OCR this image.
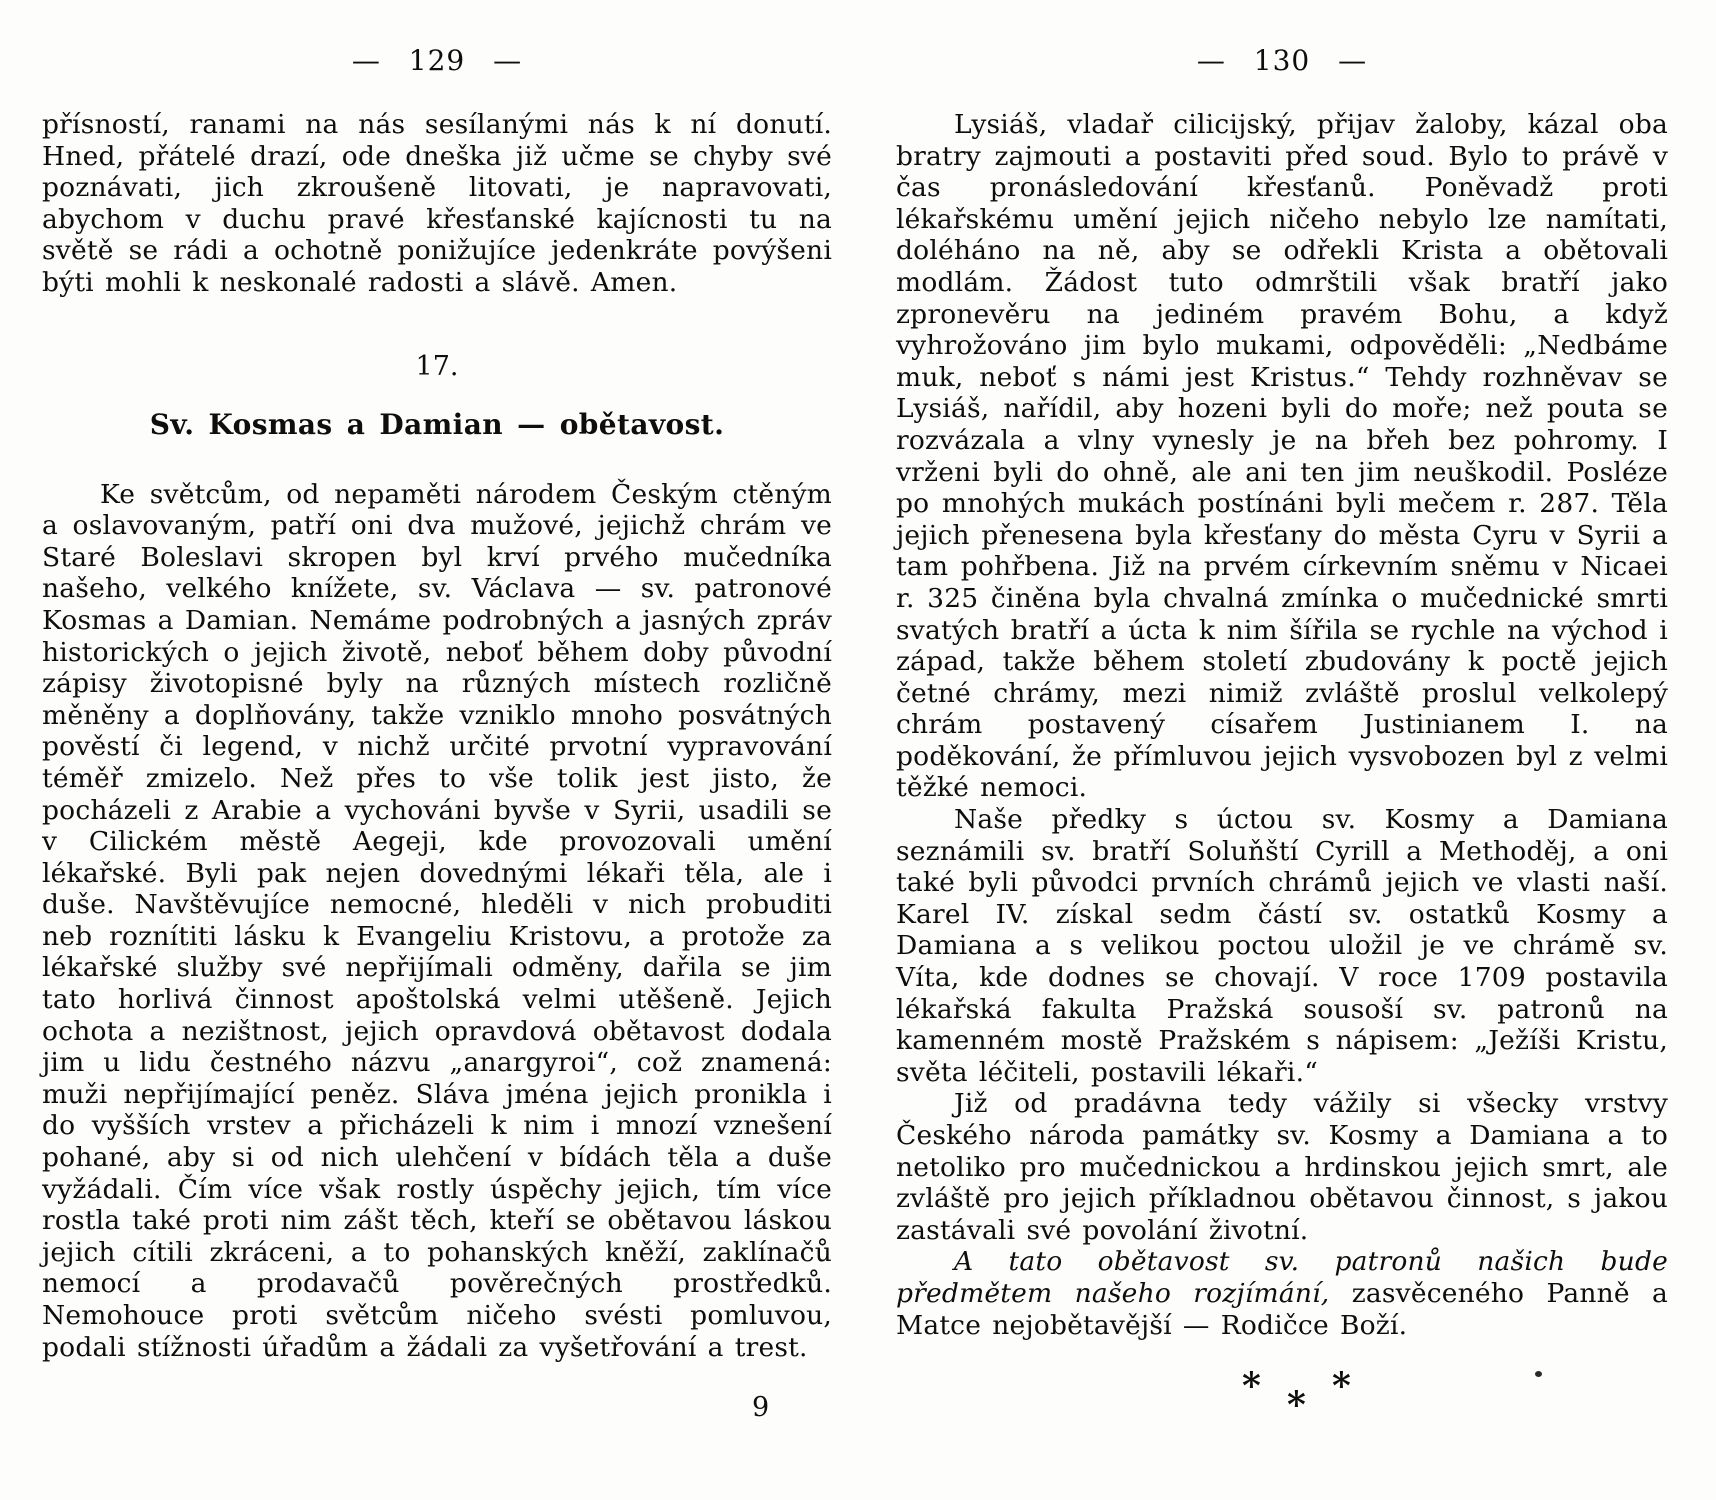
— 129 —

přísností, ranami na nás sesílanými nás k ní donutí. Hned, přátelé drazí, ode dneška již učme se chyby své poznávati, jich zkroušeně litovati, je napravovati, abychom v duchu pravé křesťanské kajícnosti tu na světě se rádi a ochotně ponižujíce jedenkráte povýšeni býti mohli k neskonalé radosti a slávě. Amen.

17.
Sv. Kosmas a Damian — obětavost.

Ke světcům, od nepaměti národem Českým ctěným a oslavovaným, patří oni dva mužové, jejichž chrám ve Staré Boleslavi skropen byl krví prvého mučedníka našeho, velkého knížete, sv. Václava — sv. patronové Kosmas a Damian. Nemáme podrobných a jasných zpráv historických o jejich životě, neboť během doby původní zápisy životopisné byly na různých místech rozličně měněny a doplňovány, takže vzniklo mnoho posvátných pověstí či legend, v nichž určité prvotní vypravování téměř zmizelo. Než přes to vše tolik jest jisto, že pocházeli z Arabie a vychováni byvše v Syrii, usadili se v Cilickém městě Aegeji, kde provozovali umění lékařské. Byli pak nejen dovednými lékaři těla, ale i duše. Navštěvujíce nemocné, hleděli v nich probuditi neb roznítiti lásku k Evangeliu Kristovu, a protože za lékařské služby své nepřijímali odměny, dařila se jim tato horlivá činnost apoštolská velmi utěšeně. Jejich ochota a nezištnost, jejich opravdová obětavost dodala jim u lidu čestného názvu „anargyroi“, což znamená: muži nepřijímající peněz. Sláva jména jejich pronikla i do vyšších vrstev a přicházeli k nim i mnozí vznešení pohané, aby si od nich ulehčení v bídách těla a duše vyžádali. Čím více však rostly úspěchy jejich, tím více rostla také proti nim zášt těch, kteří se obětavou láskou jejich cítili zkráceni, a to pohanských kněží, zaklínačů nemocí a prodavačů pověrečných prostředků. Nemohouce proti světcům ničeho svésti pomluvou, podali stížnosti úřadům a žádali za vyšetřování a trest.

— 130 —

Lysiáš, vladař cilicijský, přijav žaloby, kázal oba bratry zajmouti a postaviti před soud. Bylo to právě v čas pronásledování křesťanů. Poněvadž proti lékařskému umění jejich ničeho nebylo lze namítati, doléháno na ně, aby se odřekli Krista a obětovali modlám. Žádost tuto odmrštili však bratří jako zpronevěru na jediném pravém Bohu, a když vyhrožováno jim bylo mukami, odpověděli: „Nedbáme muk, neboť s námi jest Kristus.“ Tehdy rozhněvav se Lysiáš, nařídil, aby hozeni byli do moře; než pouta se rozvázala a vlny vynesly je na břeh bez pohromy. I vrženi byli do ohně, ale ani ten jim neuškodil. Posléze po mnohých mukách postínáni byli mečem r. 287. Těla jejich přenesena byla křesťany do města Cyru v Syrii a tam pohřbena. Již na prvém církevním sněmu v Nicaei r. 325 činěna byla chvalná zmínka o mučednické smrti svatých bratří a úcta k nim šířila se rychle na východ i západ, takže během století zbudovány k poctě jejich četné chrámy, mezi nimiž zvláště proslul velkolepý chrám postavený císařem Justinianem I. na poděkování, že přímluvou jejich vysvobozen byl z velmi těžké nemoci.

Naše předky s úctou sv. Kosmy a Damiana seznámili sv. bratří Soluňští Cyrill a Methoděj, a oni také byli původci prvních chrámů jejich ve vlasti naší. Karel IV. získal sedm částí sv. ostatků Kosmy a Damiana a s velikou poctou uložil je ve chrámě sv. Víta, kde dodnes se chovají. V roce 1709 postavila lékařská fakulta Pražská sousoší sv. patronů na kamenném mostě Pražském s nápisem: „Ježíši Kristu, světa léčiteli, postavili lékaři.“

Již od pradávna tedy vážily si všecky vrstvy Českého národa památky sv. Kosmy a Damiana a to netoliko pro mučednickou a hrdinskou jejich smrt, ale zvláště pro jejich příkladnou obětavou činnost, s jakou zastávali své povolání životní.

A tato obětavost sv. patronů našich bude předmětem našeho rozjímání, zasvěceného Panně a Matce nejobětavější — Rodičce Boží.

9
* *
*
